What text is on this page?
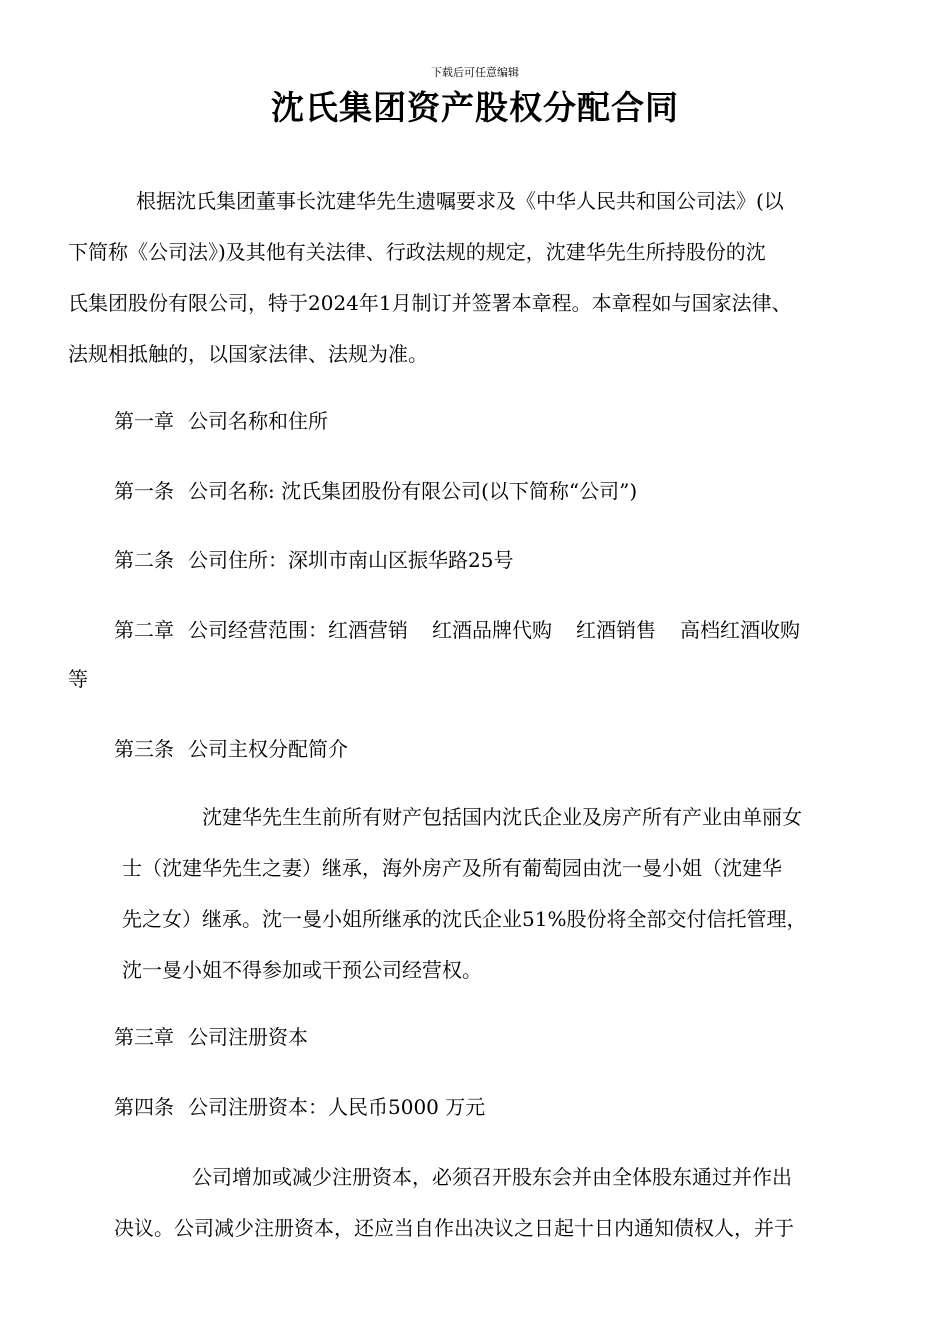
下载后可任意编辑
沈氏集团资产股权分配合同
根据沈氏集团董事长沈建华先生遗嘱要求及《中华人民共和国公司法》(以
下简称《公司法》)及其他有关法律、行政法规的规定，沈建华先生所持股份的沈
氏集团股份有限公司，特于2024年1月制订并签署本章程。本章程如与国家法律、
法规相抵触的，以国家法律、法规为准。
第一章 公司名称和住所
第一条 公司名称: 沈氏集团股份有限公司(以下简称“公司”)
第二条 公司住所：深圳市南山区振华路25号
第二章 公司经营范围：红酒营销 红酒品牌代购 红酒销售 高档红酒收购
等
第三条 公司主权分配简介
沈建华先生生前所有财产包括国内沈氏企业及房产所有产业由单丽女
士（沈建华先生之妻）继承，海外房产及所有葡萄园由沈一曼小姐（沈建华
先之女）继承。沈一曼小姐所继承的沈氏企业51%股份将全部交付信托管理，
沈一曼小姐不得参加或干预公司经营权。
第三章 公司注册资本
第四条 公司注册资本：人民币5000 万元
公司增加或减少注册资本，必须召开股东会并由全体股东通过并作出
决议。公司减少注册资本，还应当自作出决议之日起十日内通知债权人，并于
